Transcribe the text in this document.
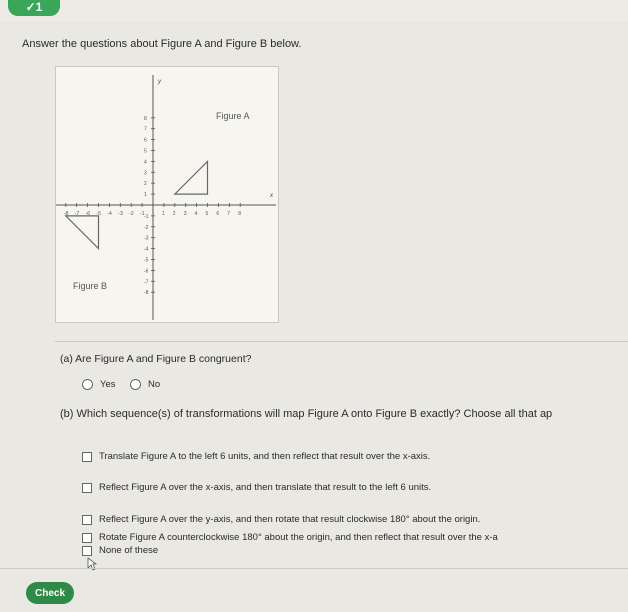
✓1
Answer the questions about Figure A and Figure B below.
x
y
-8 -7 -6 -5 -4 -3 -2 -1	1 2 3 4 5 6 7 8
8
7
6
5
4
3
2
1
-1
-2
-3
-4
-5
-6
-7
-8
Figure A
Figure B
(a) Are Figure A and Figure B congruent?
Yes	No
(b) Which sequence(s) of transformations will map Figure A onto Figure B exactly? Choose all that ap
Translate Figure A to the left 6 units, and then reflect that result over the x-axis.
Reflect Figure A over the x-axis, and then translate that result to the left 6 units.
Reflect Figure A over the y-axis, and then rotate that result clockwise 180° about the origin.
Rotate Figure A counterclockwise 180° about the origin, and then reflect that result over the x-a
None of these
Check
